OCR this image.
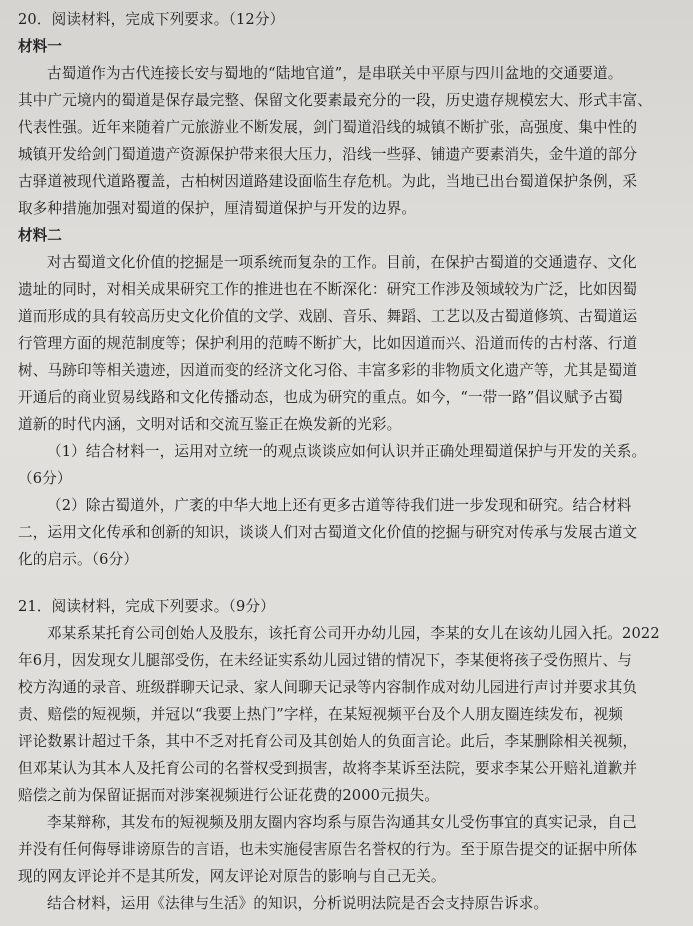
20．阅读材料，完成下列要求。（12分）
材料一
古蜀道作为古代连接长安与蜀地的“陆地官道”，是串联关中平原与四川盆地的交通要道。
其中广元境内的蜀道是保存最完整、保留文化要素最充分的一段，历史遗存规模宏大、形式丰富、
代表性强。近年来随着广元旅游业不断发展，剑门蜀道沿线的城镇不断扩张，高强度、集中性的
城镇开发给剑门蜀道遗产资源保护带来很大压力，沿线一些驿、铺遗产要素消失，金牛道的部分
古驿道被现代道路覆盖，古柏树因道路建设面临生存危机。为此，当地已出台蜀道保护条例，采
取多种措施加强对蜀道的保护，厘清蜀道保护与开发的边界。
材料二
对古蜀道文化价值的挖掘是一项系统而复杂的工作。目前，在保护古蜀道的交通遗存、文化
遗址的同时，对相关成果研究工作的推进也在不断深化：研究工作涉及领域较为广泛，比如因蜀
道而形成的具有较高历史文化价值的文学、戏剧、音乐、舞蹈、工艺以及古蜀道修筑、古蜀道运
行管理方面的规范制度等；保护利用的范畴不断扩大，比如因道而兴、沿道而传的古村落、行道
树、马跡印等相关遗迹，因道而变的经济文化习俗、丰富多彩的非物质文化遗产等，尤其是蜀道
开通后的商业贸易线路和文化传播动态，也成为研究的重点。如今，“一带一路”倡议赋予古蜀
道新的时代内涵，文明对话和交流互鉴正在焕发新的光彩。
（1）结合材料一，运用对立统一的观点谈谈应如何认识并正确处理蜀道保护与开发的关系。
（6分）
（2）除古蜀道外，广袤的中华大地上还有更多古道等待我们进一步发现和研究。结合材料
二，运用文化传承和创新的知识，谈谈人们对古蜀道文化价值的挖掘与研究对传承与发展古道文
化的启示。（6分）
21．阅读材料，完成下列要求。（9分）
邓某系某托育公司创始人及股东，该托育公司开办幼儿园，李某的女儿在该幼儿园入托。2022
年6月，因发现女儿腿部受伤，在未经证实系幼儿园过错的情况下，李某便将孩子受伤照片、与
校方沟通的录音、班级群聊天记录、家人间聊天记录等内容制作成对幼儿园进行声讨并要求其负
责、赔偿的短视频，并冠以“我要上热门”字样，在某短视频平台及个人朋友圈连续发布，视频
评论数累计超过千条，其中不乏对托育公司及其创始人的负面言论。此后，李某删除相关视频，
但邓某认为其本人及托育公司的名誉权受到损害，故将李某诉至法院，要求李某公开赔礼道歉并
赔偿之前为保留证据而对涉案视频进行公证花费的2000元损失。
李某辩称，其发布的短视频及朋友圈内容均系与原告沟通其女儿受伤事宜的真实记录，自己
并没有任何侮辱诽谤原告的言语，也未实施侵害原告名誉权的行为。至于原告提交的证据中所体
现的网友评论并不是其所发，网友评论对原告的影响与自己无关。
结合材料，运用《法律与生活》的知识，分析说明法院是否会支持原告诉求。
